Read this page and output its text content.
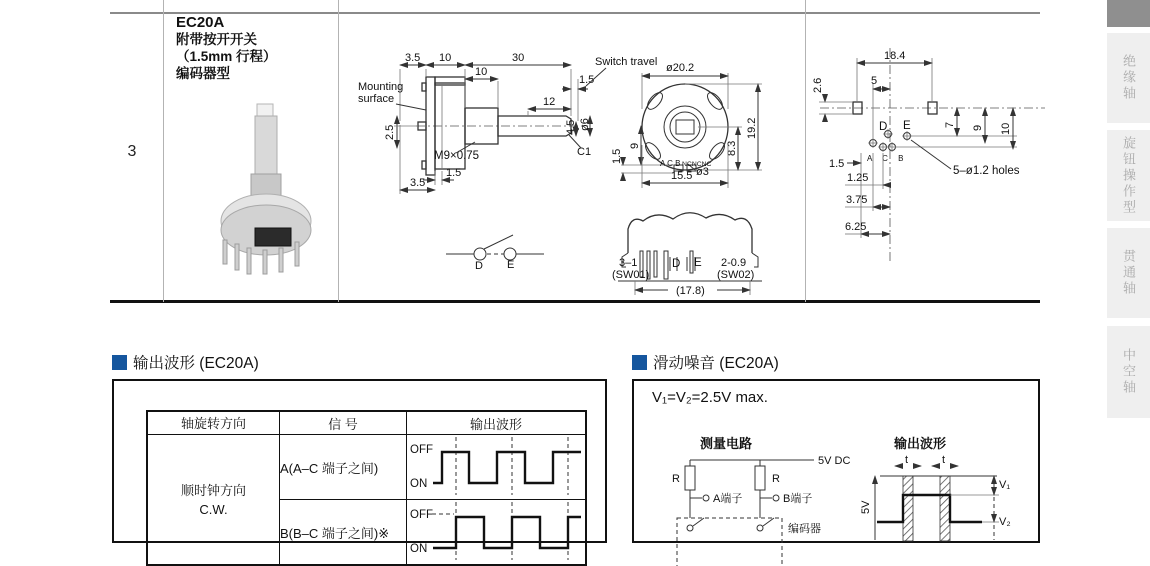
3
EC20A
附带按开开关
（1.5mm 行程）
编码器型
3.5 10	30
10
12
1.5
Switch travel
Mounting
surface
2.5
M9×0.75
1.5
3.5
4.5 ø6
C1
ø20.2
19.2
8.3
9
1.5
15.5 ø3
A C B NCNCNC
D E	3–1
(SW01)
D E 2-0.9
(SW02)
(17.8)
D E
A C B
18.4
2.6	5
7 9 10
1.5
1.25
3.75
6.25
5–ø1.2 holes
绝缘轴
旋钮操作型
贯通轴
中空轴
输出波形 (EC20A)
轴旋转方向	信 号	输出波形

顺时钟方向
C.W.
	A(A–C 端子之间)	
OFF
ON

	B(B–C 端子之间)※	OFF
ON
滑动噪音 (EC20A)
V₁=V₂=2.5V max.
测量电路
5V DC
R	R
A端子	B端子
编码器
输出波形
t	t
5V
V₁
V₂
